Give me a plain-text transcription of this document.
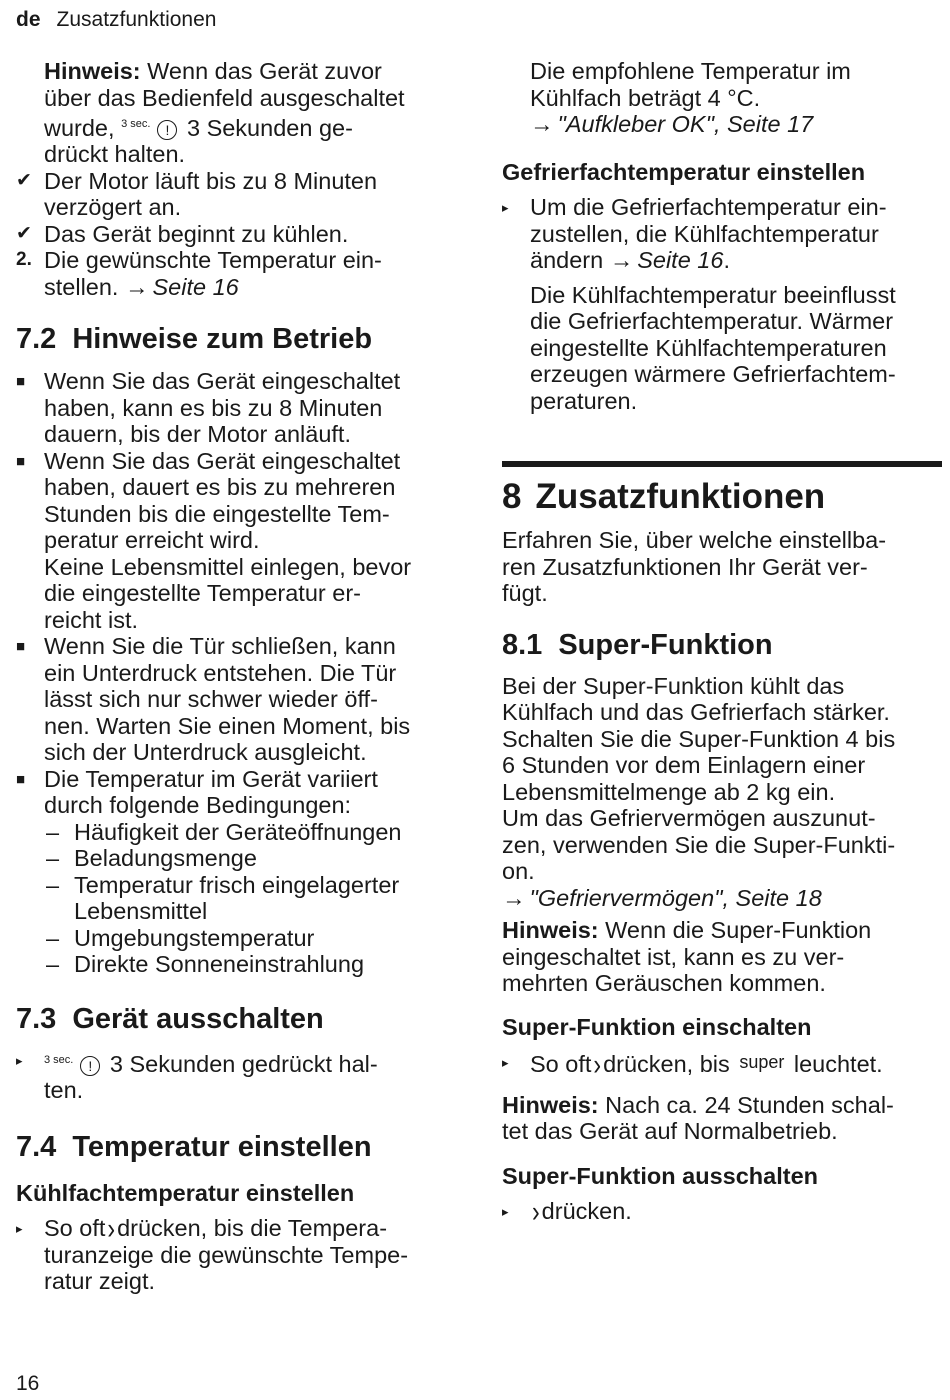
de Zusatzfunktionen

Hinweis: Wenn das Gerät zuvor

über das Bedienfeld ausgeschaltet

wurde, $^{3 sec.}$ ! 3 Sekunden ge-

drückt halten.

✔ Der Motor läuft bis zu 8 Minuten
verzögert an.
✔ Das Gerät beginnt zu kühlen.
2. Die gewünschte Temperatur ein-
stellen. → Seite 16
7.2 Hinweise zum Betrieb
■ Wenn Sie das Gerät eingeschaltet
haben, kann es bis zu 8 Minuten
dauern, bis der Motor anläuft.
■ Wenn Sie das Gerät eingeschaltet
haben, dauert es bis zu mehreren
Stunden bis die eingestellte Tem-
peratur erreicht wird.
Keine Lebensmittel einlegen, bevor
die eingestellte Temperatur er-
reicht ist.
■ Wenn Sie die Tür schließen, kann
ein Unterdruck entstehen. Die Tür
lässt sich nur schwer wieder öff-
nen. Warten Sie einen Moment, bis
sich der Unterdruck ausgleicht.
■ Die Temperatur im Gerät variiert
durch folgende Bedingungen:
– Häufigkeit der Geräteöffnungen
– Beladungsmenge
– Temperatur frisch eingelagerter
Lebensmittel
– Umgebungstemperatur
– Direkte Sonneneinstrahlung
7.3 Gerät ausschalten
▸	$^{3 sec.}$ ! 3 Sekunden gedrückt hal-
ten.
7.4 Temperatur einstellen
Kühlfachtemperatur einstellen
▸ So oft›drücken, bis die Tempera-
turanzeige die gewünschte Tempe-
ratur zeigt.

Die empfohlene Temperatur im

Kühlfach beträgt 4 °C.

→ "Aufkleber OK", Seite 17

Gefrierfachtemperatur einstellen
▸ Um die Gefrierfachtemperatur ein-
zustellen, die Kühlfachtemperatur
ändern → Seite 16.

Die Kühlfachtemperatur beeinflusst

die Gefrierfachtemperatur. Wärmer

eingestellte Kühlfachtemperaturen

erzeugen wärmere Gefrierfachtem-

peraturen.

8 Zusatzfunktionen

Erfahren Sie, über welche einstellba-

ren Zusatzfunktionen Ihr Gerät ver-

fügt.

8.1 Super-Funktion

Bei der Super-Funktion kühlt das

Kühlfach und das Gefrierfach stärker.

Schalten Sie die Super-Funktion 4 bis

6 Stunden vor dem Einlagern einer

Lebensmittelmenge ab 2 kg ein.

Um das Gefriervermögen auszunut-

zen, verwenden Sie die Super-Funkti-

on.

→ "Gefriervermögen", Seite 18

Hinweis: Wenn die Super-Funktion

eingeschaltet ist, kann es zu ver-

mehrten Geräuschen kommen.

Super-Funktion einschalten
▸ So oft›drücken, bis super leuchtet.

Hinweis: Nach ca. 24 Stunden schal-

tet das Gerät auf Normalbetrieb.

Super-Funktion ausschalten
▸	›drücken.
16
